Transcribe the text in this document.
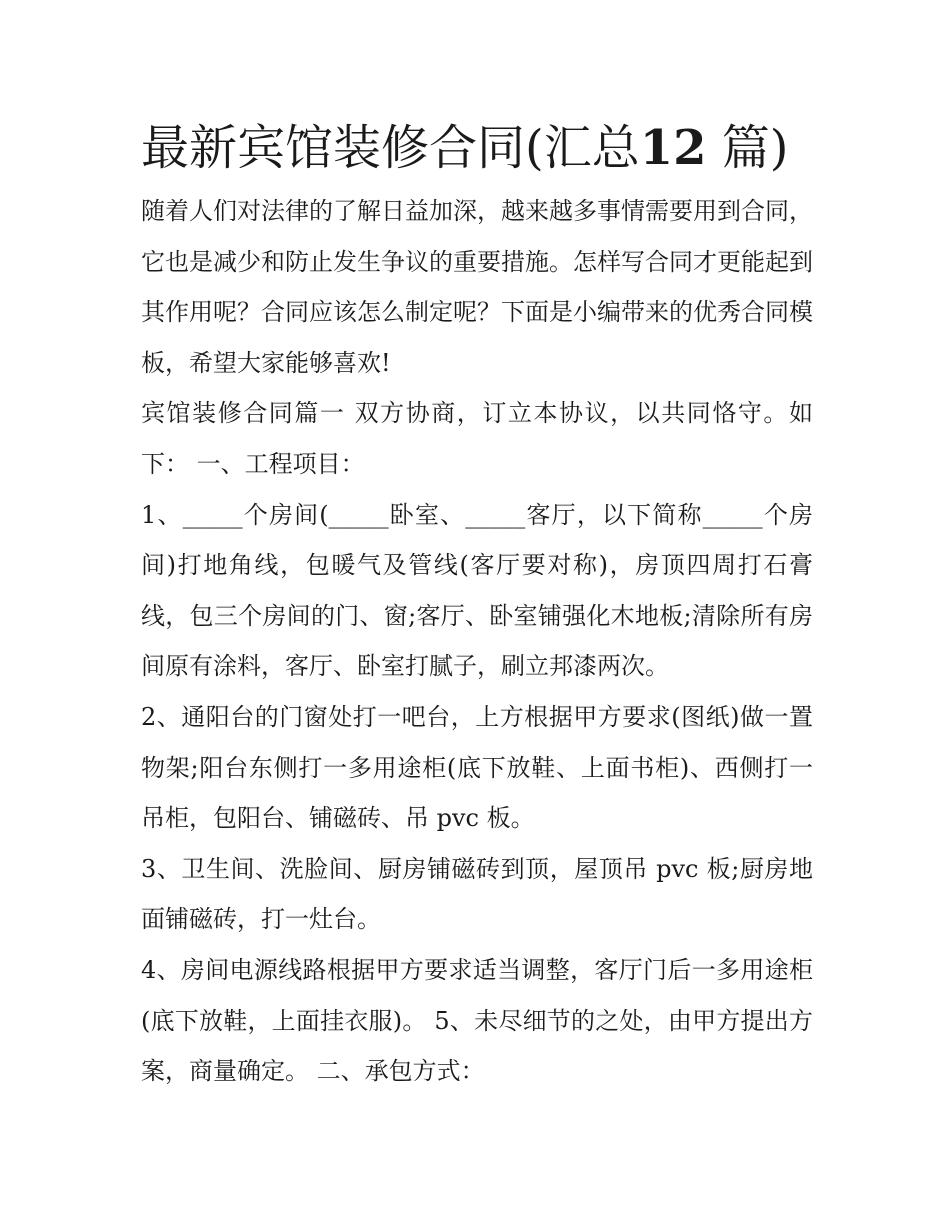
最新宾馆装修合同(汇总12 篇)

随着人们对法律的了解日益加深，越来越多事情需要用到合同，它也是减少和防止发生争议的重要措施。怎样写合同才更能起到其作用呢？合同应该怎么制定呢？下面是小编带来的优秀合同模板，希望大家能够喜欢!

宾馆装修合同篇一 双方协商，订立本协议，以共同恪守。如下： 一、工程项目：

1、_____个房间(_____卧室、_____客厅，以下简称_____个房间)打地角线，包暖气及管线(客厅要对称)，房顶四周打石膏线，包三个房间的门、窗;客厅、卧室铺强化木地板;清除所有房间原有涂料，客厅、卧室打腻子，刷立邦漆两次。

2、通阳台的门窗处打一吧台，上方根据甲方要求(图纸)做一置物架;阳台东侧打一多用途柜(底下放鞋、上面书柜)、西侧打一吊柜，包阳台、铺磁砖、吊 pvc 板。

3、卫生间、洗脸间、厨房铺磁砖到顶，屋顶吊 pvc 板;厨房地面铺磁砖，打一灶台。

4、房间电源线路根据甲方要求适当调整，客厅门后一多用途柜(底下放鞋，上面挂衣服)。 5、未尽细节的之处，由甲方提出方案，商量确定。 二、承包方式：
